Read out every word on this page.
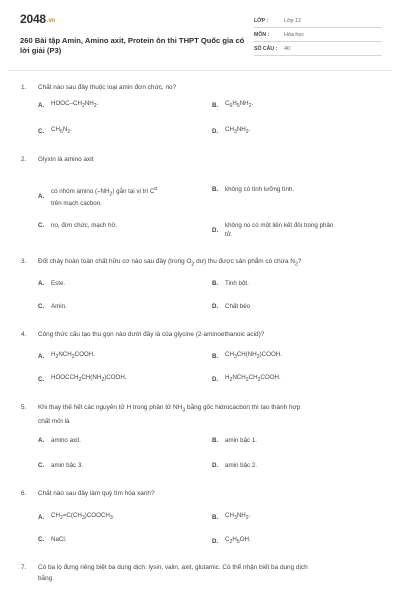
2048.vn
260 Bài tập Amin, Amino axit, Protein ôn thi THPT Quốc gia có lời giải (P3)
LỚP :	Lớp 12
MÔN :	Hóa học
SỐ CÂU :	40
1. Chất nào sau đây thuộc loại amin đơn chức, no?
A.	HOOC–$CH_2NH_2$.	B.	$C_6H_5NH_2$.
C.	$CH_6N_2$.	D.	$CH_3NH_2$.
2. Glyxin là amino axit
A.
có nhóm amino $(-NH_2)$ gắn tại vị trí $C^\alpha$
trên mạch cacbon.
B.	không có tính lưỡng tính.
C.	no, đơn chức, mạch hở.
D.
không no có một liên kết đôi trong phân
tử.
3. Đốt cháy hoàn toàn chất hữu cơ nào sau đây (trong $O_2$ dư) thu được sản phẩm có chứa $N_2$?
A.	Este.	B.	Tinh bột.
C.	Amin.	D.	Chất béo
4. Công thức cấu tạo thu gọn nào dưới đây là của glycine (2-aminoethanoic acid)?
A.	$H_2NCH_2COOH$.	B.	$CH_3CH(NH_2)COOH$.
C.	$HOOCCH_2CH(NH_2)COOH$.	D.	$H_2NCH_2CH_2COOH$.
5. Khi thay thế hết các nguyên tử H trong phân tử $NH_3$ bằng gốc hidrocacbon thì tạo thành hợp
chất mới là
A.	amino axit.	B.	amin bậc 1.
C.	amin bậc 3.	D.	amin bậc 2.
6. Chất nào sau đây làm quỳ tím hóa xanh?
A.	$CH_2=C(CH_3)COOCH_3$.	B.	$CH_3NH_2$.
C.	NaCl.	D.	$C_2H_5OH$.
7. Có ba lọ đựng riêng biệt ba dung dịch: lysin, valin, axit, glutamic. Có thể nhận biết ba dung dịch
bằng
